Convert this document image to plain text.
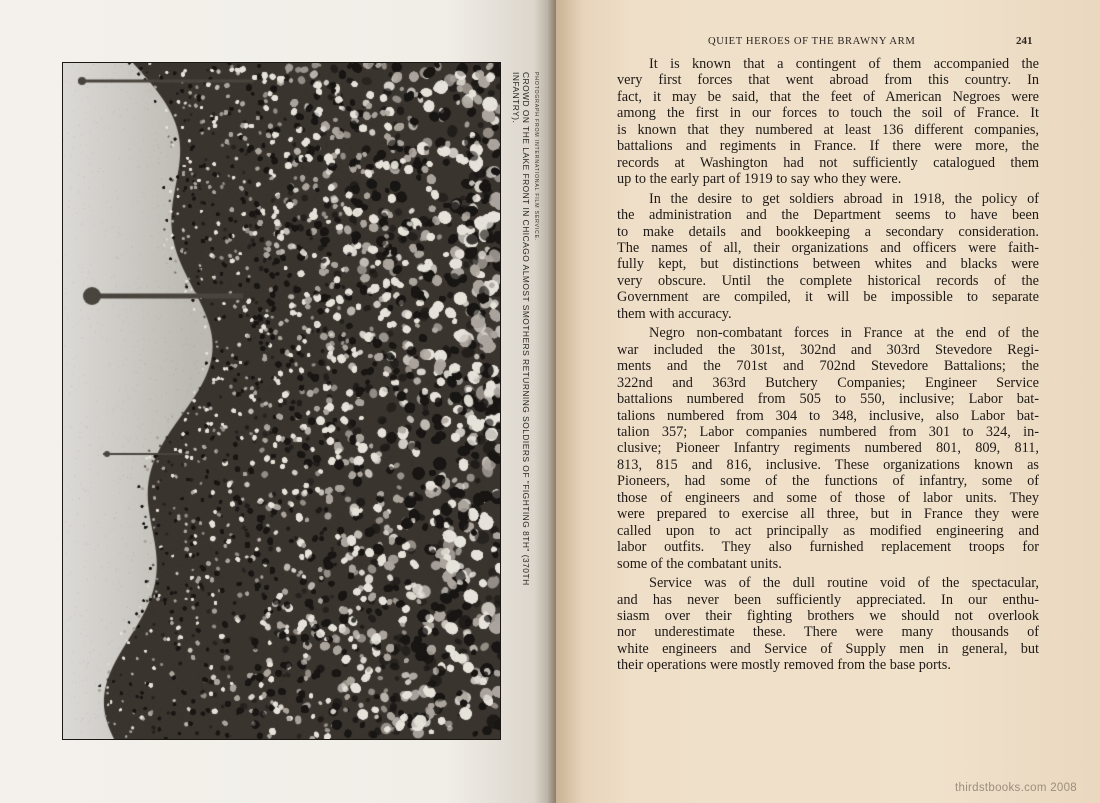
PHOTOGRAPH FROM INTERNATIONAL FILM SERVICE.
CROWD ON THE LAKE FRONT IN CHICAGO ALMOST SMOTHERS RETURNING SOLDIERS OF "FIGHTING 8TH" (370TH
INFANTRY).
QUIET HEROES OF THE BRAWNY ARM	241
It is known that a contingent of them accompanied the
very first forces that went abroad from this country. In
fact, it may be said, that the feet of American Negroes were
among the first in our forces to touch the soil of France. It
is known that they numbered at least 136 different companies,
battalions and regiments in France. If there were more, the
records at Washington had not sufficiently catalogued them
up to the early part of 1919 to say who they were.
In the desire to get soldiers abroad in 1918, the policy of
the administration and the Department seems to have been
to make details and bookkeeping a secondary consideration.
The names of all, their organizations and officers were faith-
fully kept, but distinctions between whites and blacks were
very obscure. Until the complete historical records of the
Government are compiled, it will be impossible to separate
them with accuracy.
Negro non-combatant forces in France at the end of the
war included the 301st, 302nd and 303rd Stevedore Regi-
ments and the 701st and 702nd Stevedore Battalions; the
322nd and 363rd Butchery Companies; Engineer Service
battalions numbered from 505 to 550, inclusive; Labor bat-
talions numbered from 304 to 348, inclusive, also Labor bat-
talion 357; Labor companies numbered from 301 to 324, in-
clusive; Pioneer Infantry regiments numbered 801, 809, 811,
813, 815 and 816, inclusive. These organizations known as
Pioneers, had some of the functions of infantry, some of
those of engineers and some of those of labor units. They
were prepared to exercise all three, but in France they were
called upon to act principally as modified engineering and
labor outfits. They also furnished replacement troops for
some of the combatant units.
Service was of the dull routine void of the spectacular,
and has never been sufficiently appreciated. In our enthu-
siasm over their fighting brothers we should not overlook
nor underestimate these. There were many thousands of
white engineers and Service of Supply men in general, but
their operations were mostly removed from the base ports.
thirdstbooks.com 2008
